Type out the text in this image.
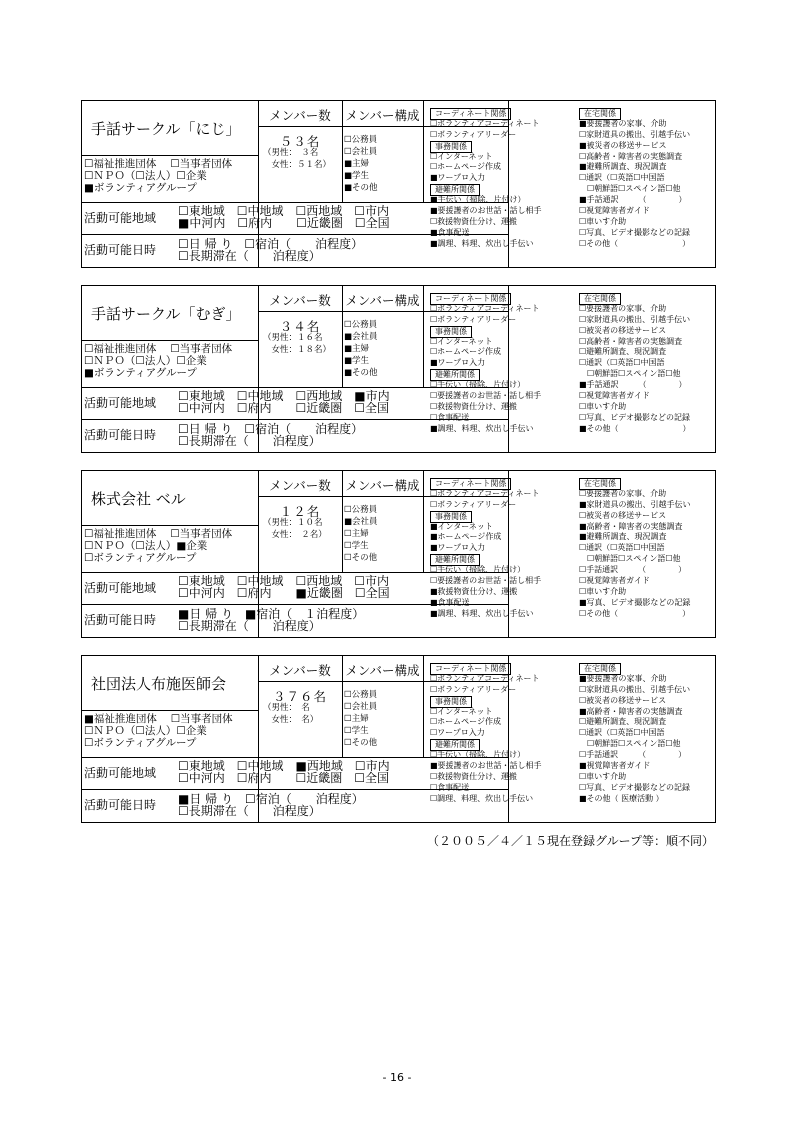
手話サークル「にじ」
☐福祉推進団体　 ☐当事者団体
☐ＮＰＯ（☐法人）☐企業
■ボランティアグループ
メンバー数
５３名
（男性：　３名
　女性：５１名）
メンバー構成
☐公務員
☐会社員
■主婦
■学生
■その他
活動可能地域 ☐東地域　☐中地域　☐西地域　☐市内
■中河内　☐府内　　☐近畿圏　☐全国
活動可能日時 ☐日 帰 り　☐宿泊（　　泊程度）
☐長期滞在（　　泊程度）
コーディネート関係
☐ボランティアコーディネート
☐ボランティアリーダー
事務関係
☐インターネット
☐ホームページ作成
■ワープロ入力
避難所関係
■手伝い（掃除、片付け）
■要援護者のお世話・話し相手
☐救援物資仕分け、運搬
■食事配送
■調理、料理、炊出し手伝い
在宅関係
■要援護者の家事、介助
☐家財道具の搬出、引越手伝い
■被災者の移送サービス
☐高齢者・障害者の実態調査
■避難所調査、現況調査
☐通訳（☐英語☐中国語
　☐朝鮮語☐スペイン語☐他
■手話通訳　　　（　　　　）
☐視覚障害者ガイド
☐車いす介助
☐写真、ビデオ撮影などの記録
☐その他（　　　　　　　　）
手話サークル「むぎ」
☐福祉推進団体　 ☐当事者団体
☐ＮＰＯ（☐法人）☐企業
■ボランティアグループ
メンバー数
３４名
（男性：１６名
　女性：１８名）
メンバー構成
☐公務員
■会社員
■主婦
■学生
■その他
活動可能地域 ☐東地域　☐中地域　☐西地域　■市内
☐中河内　☐府内　　☐近畿圏　☐全国
活動可能日時 ☐日 帰 り　☐宿泊（　　泊程度）
☐長期滞在（　　泊程度）
コーディネート関係
☐ボランティアコーディネート
☐ボランティアリーダー
事務関係
☐インターネット
☐ホームページ作成
■ワープロ入力
避難所関係
☐手伝い（掃除、片付け）
☐要援護者のお世話・話し相手
☐救援物資仕分け、運搬
☐食事配送
■調理、料理、炊出し手伝い
在宅関係
☐要援護者の家事、介助
☐家財道具の搬出、引越手伝い
☐被災者の移送サービス
☐高齢者・障害者の実態調査
☐避難所調査、現況調査
☐通訳（☐英語☐中国語
　☐朝鮮語☐スペイン語☐他
■手話通訳　　　（　　　　）
☐視覚障害者ガイド
☐車いす介助
☐写真、ビデオ撮影などの記録
■その他（　　　　　　　　）
株式会社 ベル
☐福祉推進団体　 ☐当事者団体
☐ＮＰＯ（☐法人）■企業
☐ボランティアグループ
メンバー数
１２名
（男性：１０名
　女性：　２名）
メンバー構成
☐公務員
■会社員
☐主婦
☐学生
☐その他
活動可能地域 ☐東地域　☐中地域　☐西地域　☐市内
☐中河内　☐府内　　■近畿圏　☐全国
活動可能日時 ■日 帰 り　■宿泊（　１泊程度）
☐長期滞在（　　泊程度）
コーディネート関係
☐ボランティアコーディネート
☐ボランティアリーダー
事務関係
■インターネット
■ホームページ作成
■ワープロ入力
避難所関係
☐手伝い（掃除、片付け）
☐要援護者のお世話・話し相手
■救援物資仕分け、運搬
■食事配送
■調理、料理、炊出し手伝い
在宅関係
☐要援護者の家事、介助
■家財道具の搬出、引越手伝い
☐被災者の移送サービス
■高齢者・障害者の実態調査
■避難所調査、現況調査
☐通訳（☐英語☐中国語
　☐朝鮮語☐スペイン語☐他
☐手話通訳　　　（　　　　）
☐視覚障害者ガイド
☐車いす介助
■写真、ビデオ撮影などの記録
☐その他（　　　　　　　　）
社団法人布施医師会
■福祉推進団体　 ☐当事者団体
☐ＮＰＯ（☐法人）☐企業
☐ボランティアグループ
メンバー数
３７６名
（男性：　名
　女性：　名）
メンバー構成
☐公務員
☐会社員
☐主婦
☐学生
☐その他
活動可能地域 ☐東地域　☐中地域　■西地域　☐市内
☐中河内　☐府内　　☐近畿圏　☐全国
活動可能日時 ■日 帰 り　☐宿泊（　　泊程度）
☐長期滞在（　　泊程度）
コーディネート関係
☐ボランティアコーディネート
☐ボランティアリーダー
事務関係
☐インターネット
☐ホームページ作成
☐ワープロ入力
避難所関係
☐手伝い（掃除、片付け）
■要援護者のお世話・話し相手
☐救援物資仕分け、運搬
☐食事配送
☐調理、料理、炊出し手伝い
在宅関係
■要援護者の家事、介助
☐家財道具の搬出、引越手伝い
☐被災者の移送サービス
■高齢者・障害者の実態調査
☐避難所調査、現況調査
☐通訳（☐英語☐中国語
　☐朝鮮語☐スペイン語☐他
☐手話通訳　　　（　　　　）
■視覚障害者ガイド
☐車いす介助
☐写真、ビデオ撮影などの記録
■その他（ 医療活動 ）
（２００５／４／１５現在登録グループ等：順不同）
- 16 -
